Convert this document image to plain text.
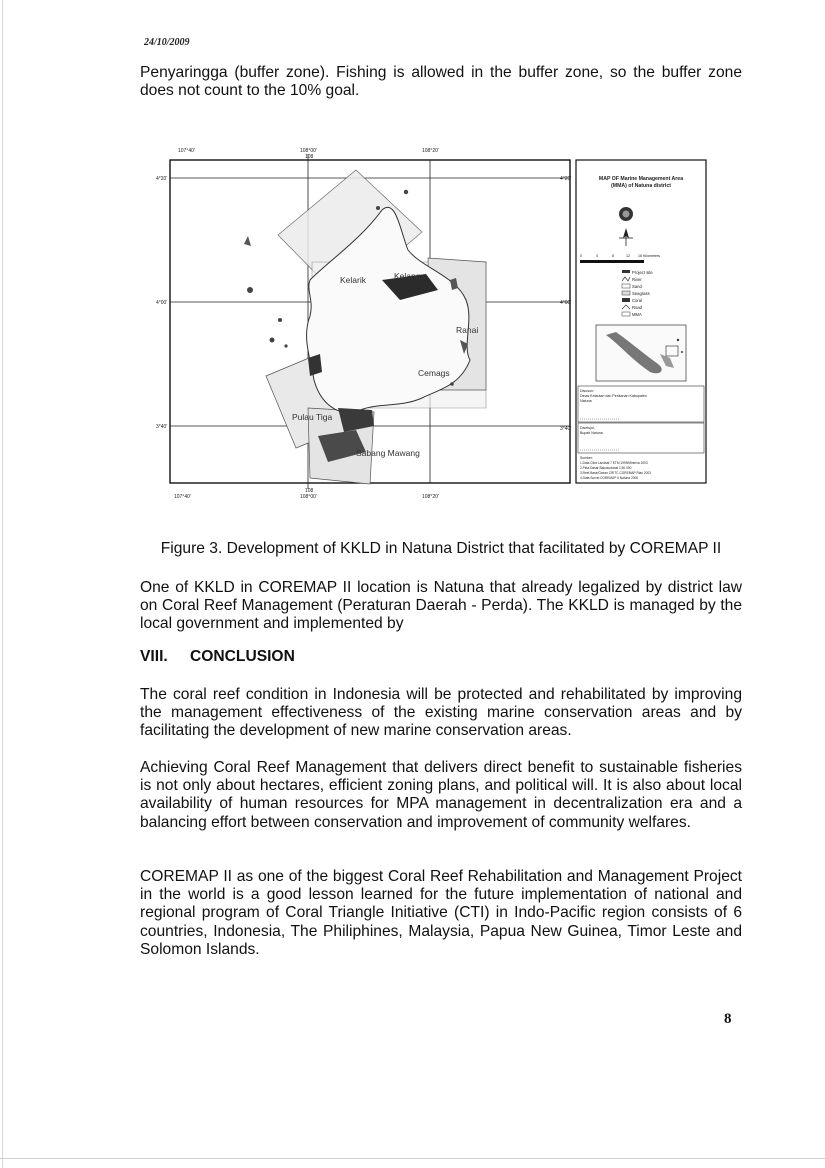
24/10/2009

Penyaringga (buffer zone). Fishing is allowed in the buffer zone, so the buffer zone does not count to the 10% goal.

Kelarik	Kelanga
Ranai
Cemags
Pulau Tiga
Sabang Mawang
107°40'	108°00'
108
108°20'
108
107°40'	108°00'	108°20'
4°20'
4°00'
3°40'
4°20'
4°00'
3°40'
MAP OF Marine Management Area
(MMA) of Natuna district
0	4	8	12 16 Kilometers
Project site
River
Sand
Seagrass
Coral
Road
MMA
Disusun:
Dinas Kelautan dan Perikanan Kabupaten
Natuna
Disetujui,
Bupati Natuna
Sumber:
1.Data Citra Landsat 7 ETM 1999/Minerva 2003
2.Peta Dasar Bakosurtanal 1:50.000
3.Reef Base/Ocean CRITC-COREMAP Riau 2003
4.Data Survei COREMAP II Natuna 2006
Figure 3. Development of KKLD in Natuna District that facilitated by COREMAP II

One of KKLD in COREMAP II location is Natuna that already legalized by district law on Coral Reef Management (Peraturan Daerah - Perda). The KKLD is managed by the local government and implemented by

VIII. CONCLUSION

The coral reef condition in Indonesia will be protected and rehabilitated by improving the management effectiveness of the existing marine conservation areas and by facilitating the development of new marine conservation areas.

Achieving Coral Reef Management that delivers direct benefit to sustainable fisheries is not only about hectares, efficient zoning plans, and political will. It is also about local availability of human resources for MPA management in decentralization era and a balancing effort between conservation and improvement of community welfares.

COREMAP II as one of the biggest Coral Reef Rehabilitation and Management Project in the world is a good lesson learned for the future implementation of national and regional program of Coral Triangle Initiative (CTI) in Indo-Pacific region consists of 6 countries, Indonesia, The Philiphines, Malaysia, Papua New Guinea, Timor Leste and Solomon Islands.

8
